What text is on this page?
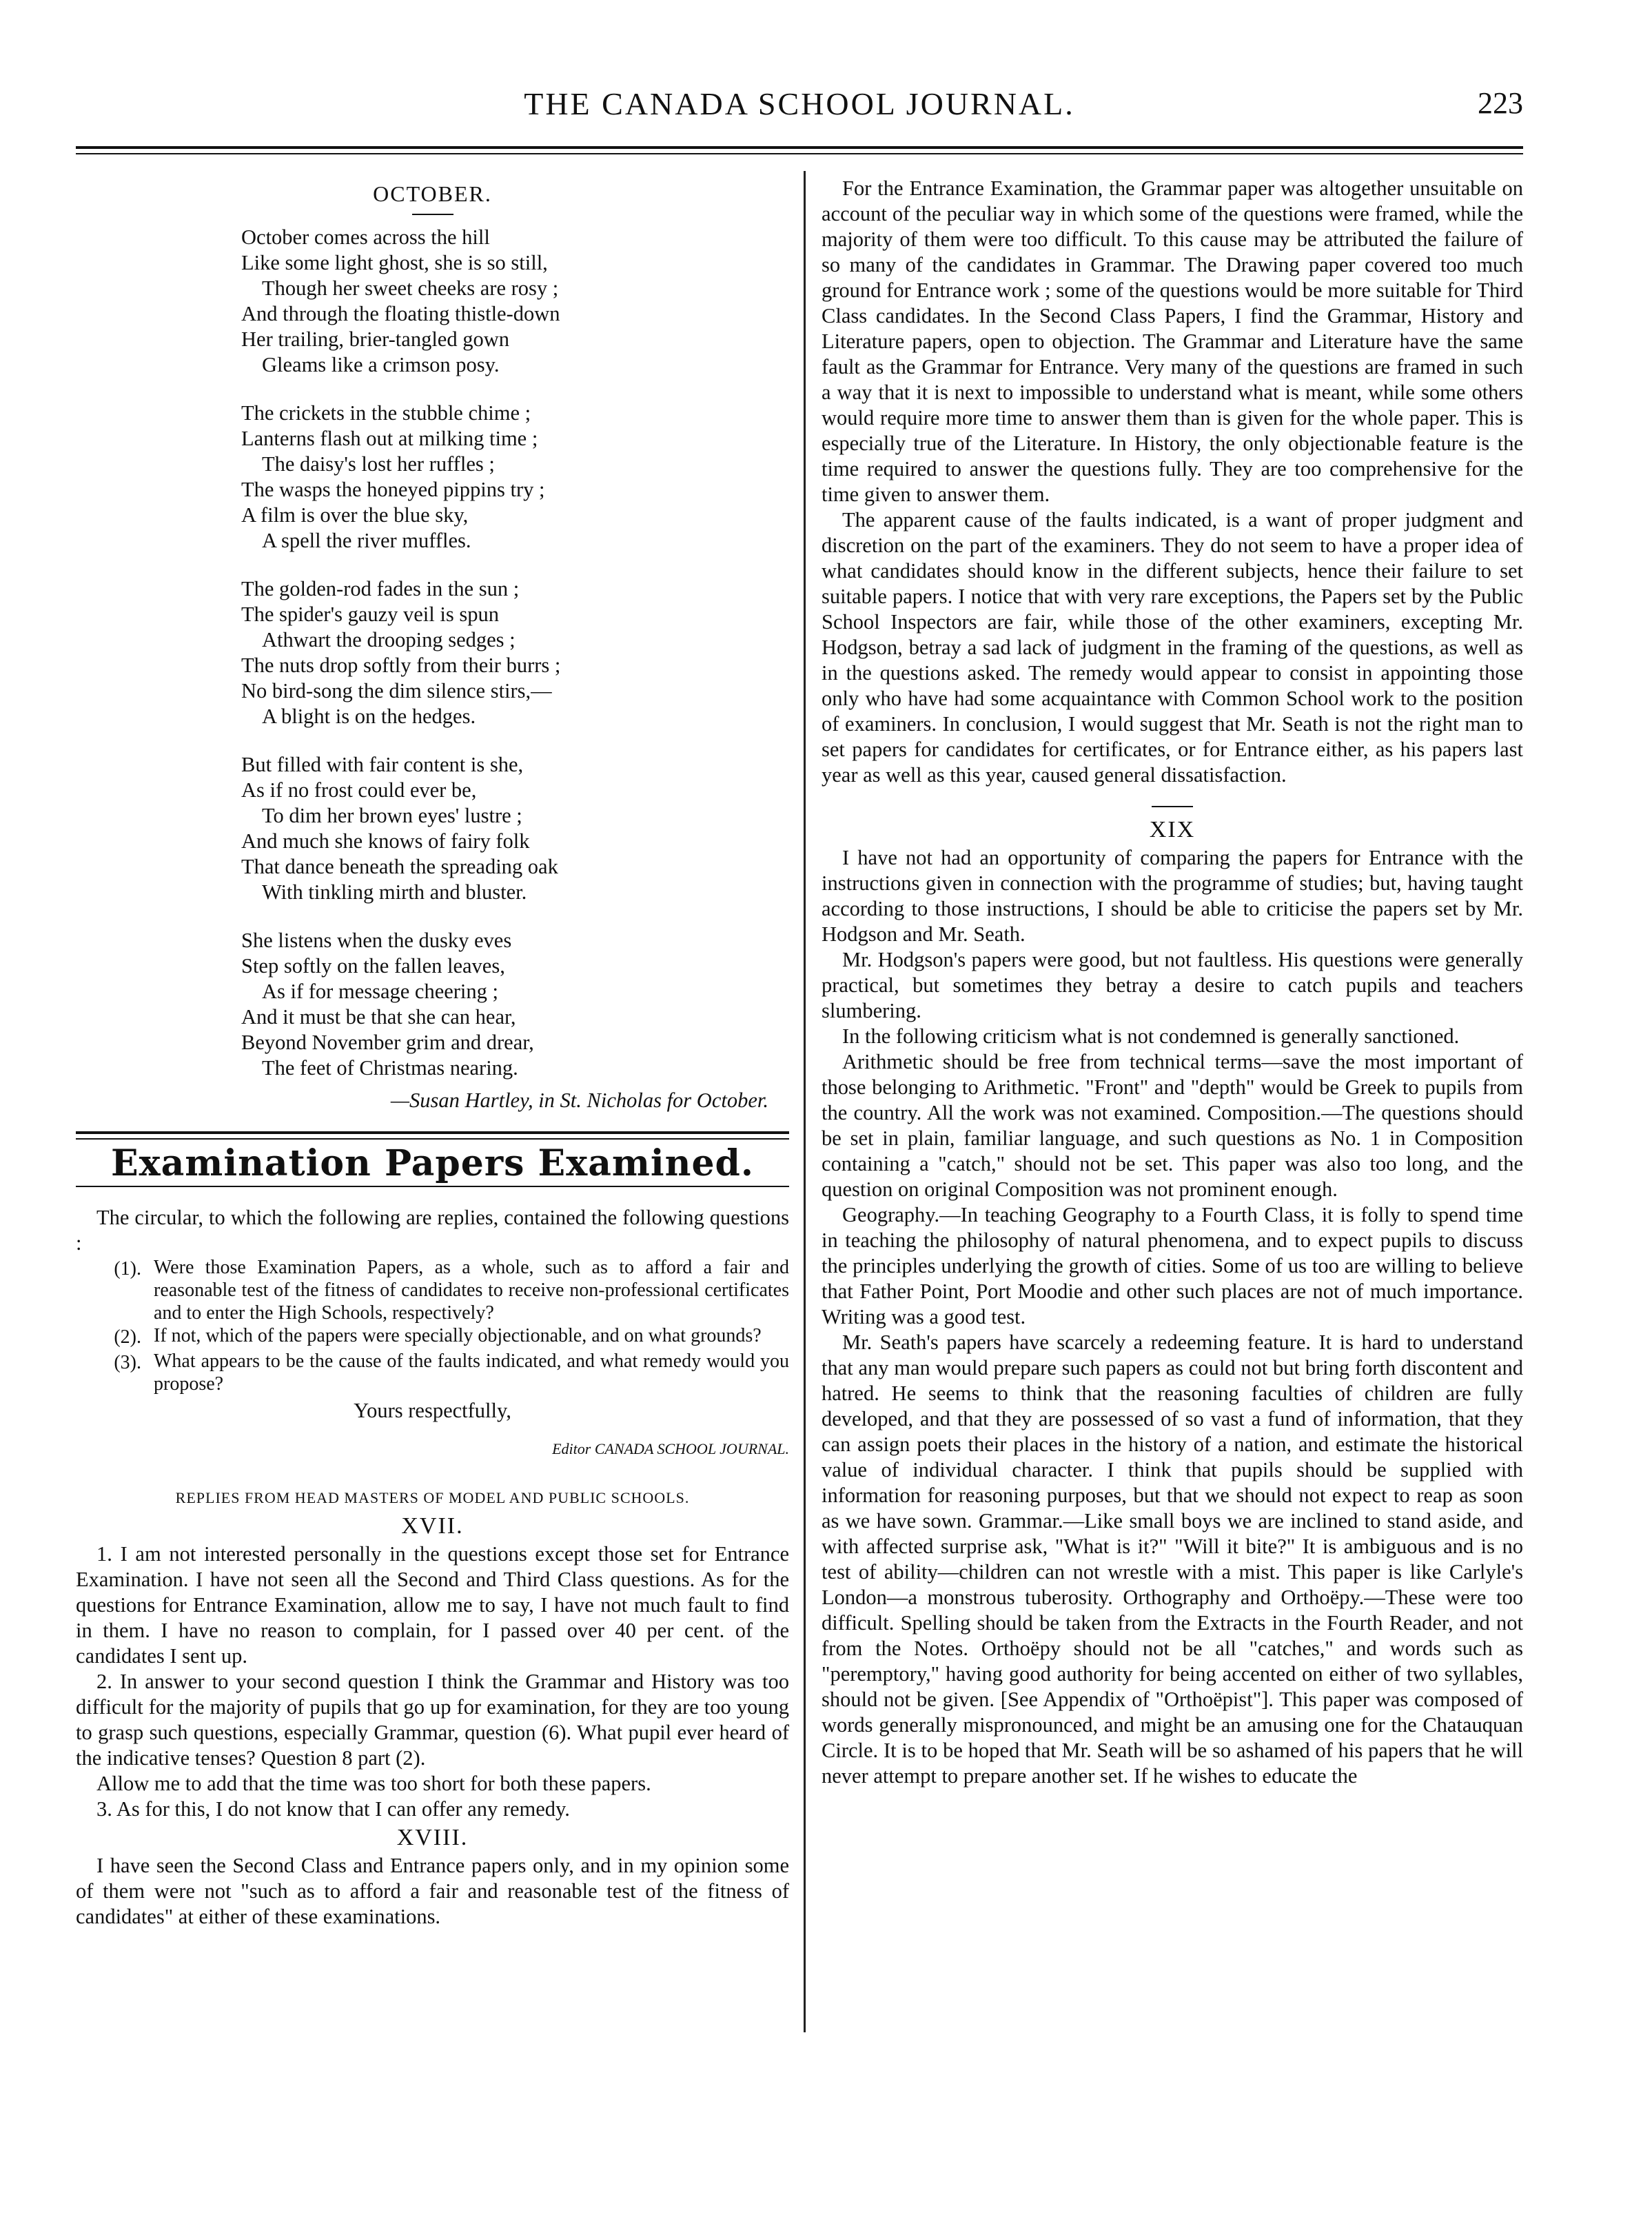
THE CANADA SCHOOL JOURNAL.	223
OCTOBER.
October comes across the hill
Like some light ghost, she is so still,
Though her sweet cheeks are rosy ;
And through the floating thistle-down
Her trailing, brier-tangled gown
Gleams like a crimson posy.
The crickets in the stubble chime ;
Lanterns flash out at milking time ;
The daisy's lost her ruffles ;
The wasps the honeyed pippins try ;
A film is over the blue sky,
A spell the river muffles.
The golden-rod fades in the sun ;
The spider's gauzy veil is spun
Athwart the drooping sedges ;
The nuts drop softly from their burrs ;
No bird-song the dim silence stirs,—
A blight is on the hedges.
But filled with fair content is she,
As if no frost could ever be,
To dim her brown eyes' lustre ;
And much she knows of fairy folk
That dance beneath the spreading oak
With tinkling mirth and bluster.
She listens when the dusky eves
Step softly on the fallen leaves,
As if for message cheering ;
And it must be that she can hear,
Beyond November grim and drear,
The feet of Christmas nearing.
—Susan Hartley, in St. Nicholas for October.
Examination Papers Examined.

The circular, to which the following are replies, contained the following questions :

(1). Were those Examination Papers, as a whole, such as to afford a fair and reasonable test of the fitness of candidates to receive non-professional certificates and to enter the High Schools, respectively?
(2). If not, which of the papers were specially objectionable, and on what grounds?
(3). What appears to be the cause of the faults indicated, and what remedy would you propose?
Yours respectfully,
Editor CANADA SCHOOL JOURNAL.
REPLIES FROM HEAD MASTERS OF MODEL AND PUBLIC SCHOOLS.
XVII.

1. I am not interested personally in the questions except those set for Entrance Examination. I have not seen all the Second and Third Class questions. As for the questions for Entrance Examination, allow me to say, I have not much fault to find in them. I have no reason to complain, for I passed over 40 per cent. of the candidates I sent up.

2. In answer to your second question I think the Grammar and History was too difficult for the majority of pupils that go up for examination, for they are too young to grasp such questions, especially Grammar, question (6). What pupil ever heard of the indicative tenses? Question 8 part (2).

Allow me to add that the time was too short for both these papers.

3. As for this, I do not know that I can offer any remedy.

XVIII.

I have seen the Second Class and Entrance papers only, and in my opinion some of them were not "such as to afford a fair and reasonable test of the fitness of candidates" at either of these examinations.

For the Entrance Examination, the Grammar paper was altogether unsuitable on account of the peculiar way in which some of the questions were framed, while the majority of them were too difficult. To this cause may be attributed the failure of so many of the candidates in Grammar. The Drawing paper covered too much ground for Entrance work ; some of the questions would be more suitable for Third Class candidates. In the Second Class Papers, I find the Grammar, History and Literature papers, open to objection. The Grammar and Literature have the same fault as the Grammar for Entrance. Very many of the questions are framed in such a way that it is next to impossible to understand what is meant, while some others would require more time to answer them than is given for the whole paper. This is especially true of the Literature. In History, the only objectionable feature is the time required to answer the questions fully. They are too comprehensive for the time given to answer them.

The apparent cause of the faults indicated, is a want of proper judgment and discretion on the part of the examiners. They do not seem to have a proper idea of what candidates should know in the different subjects, hence their failure to set suitable papers. I notice that with very rare exceptions, the Papers set by the Public School Inspectors are fair, while those of the other examiners, excepting Mr. Hodgson, betray a sad lack of judgment in the framing of the questions, as well as in the questions asked. The remedy would appear to consist in appointing those only who have had some acquaintance with Common School work to the position of examiners. In conclusion, I would suggest that Mr. Seath is not the right man to set papers for candidates for certificates, or for Entrance either, as his papers last year as well as this year, caused general dissatisfaction.

XIX

I have not had an opportunity of comparing the papers for Entrance with the instructions given in connection with the programme of studies; but, having taught according to those instructions, I should be able to criticise the papers set by Mr. Hodgson and Mr. Seath.

Mr. Hodgson's papers were good, but not faultless. His questions were generally practical, but sometimes they betray a desire to catch pupils and teachers slumbering.

In the following criticism what is not condemned is generally sanctioned.

Arithmetic should be free from technical terms—save the most important of those belonging to Arithmetic. "Front" and "depth" would be Greek to pupils from the country. All the work was not examined. Composition.—The questions should be set in plain, familiar language, and such questions as No. 1 in Composition containing a "catch," should not be set. This paper was also too long, and the question on original Composition was not prominent enough.

Geography.—In teaching Geography to a Fourth Class, it is folly to spend time in teaching the philosophy of natural phenomena, and to expect pupils to discuss the principles underlying the growth of cities. Some of us too are willing to believe that Father Point, Port Moodie and other such places are not of much importance. Writing was a good test.

Mr. Seath's papers have scarcely a redeeming feature. It is hard to understand that any man would prepare such papers as could not but bring forth discontent and hatred. He seems to think that the reasoning faculties of children are fully developed, and that they are possessed of so vast a fund of information, that they can assign poets their places in the history of a nation, and estimate the historical value of individual character. I think that pupils should be supplied with information for reasoning purposes, but that we should not expect to reap as soon as we have sown. Grammar.—Like small boys we are inclined to stand aside, and with affected surprise ask, "What is it?" "Will it bite?" It is ambiguous and is no test of ability—children can not wrestle with a mist. This paper is like Carlyle's London—a monstrous tuberosity. Orthography and Orthoëpy.—These were too difficult. Spelling should be taken from the Extracts in the Fourth Reader, and not from the Notes. Orthoëpy should not be all "catches," and words such as "peremptory," having good authority for being accented on either of two syllables, should not be given. [See Appendix of "Orthoëpist"]. This paper was composed of words generally mispronounced, and might be an amusing one for the Chatauquan Circle. It is to be hoped that Mr. Seath will be so ashamed of his papers that he will never attempt to prepare another set. If he wishes to educate the
